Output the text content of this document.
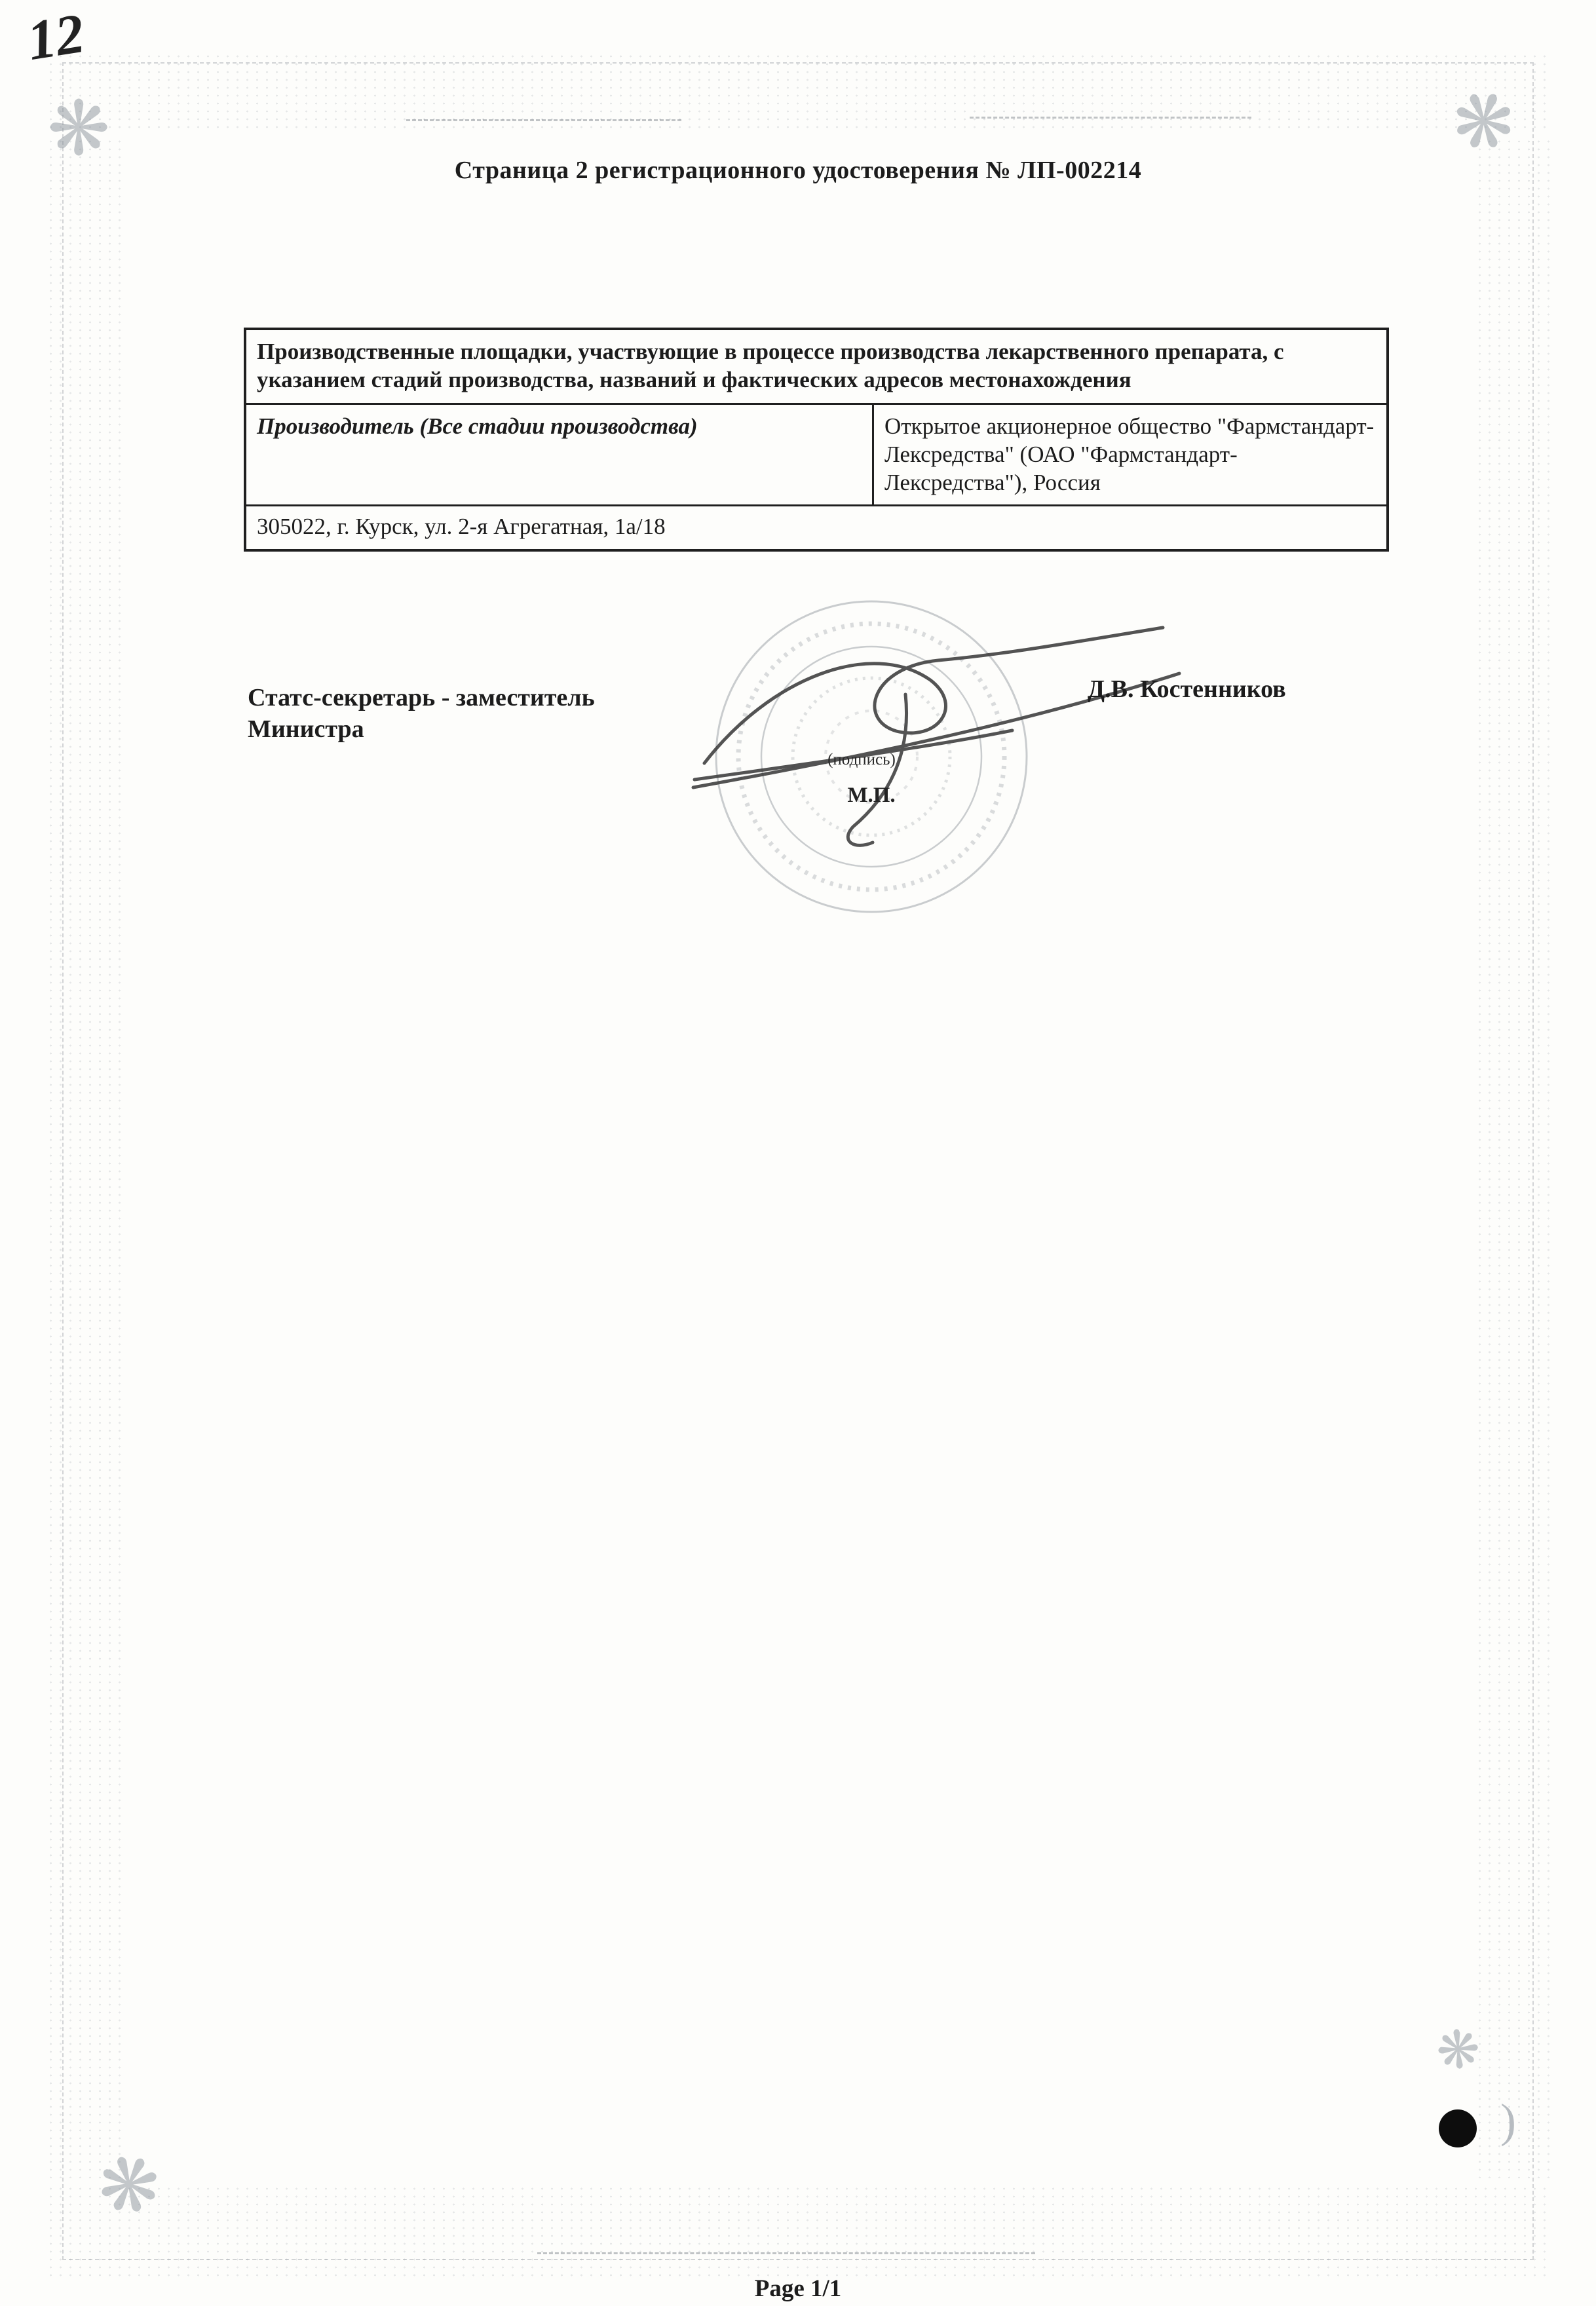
❋	❋
❋
❋
12
Страница 2 регистрационного удостоверения № ЛП-002214
Производственные площадки, участвующие в процессе производства лекарственного препарата, с указанием стадий производства, названий и фактических адресов местонахождения
Производитель (Все стадии производства)	Открытое акционерное общество "Фармстандарт-Лексредства" (ОАО "Фармстандарт-Лексредства"), Россия
305022, г. Курск, ул. 2-я Агрегатная, 1а/18
(подпись)
М.П.
Статс-секретарь - заместитель Министра
Д.В. Костенников
)
Page 1/1
